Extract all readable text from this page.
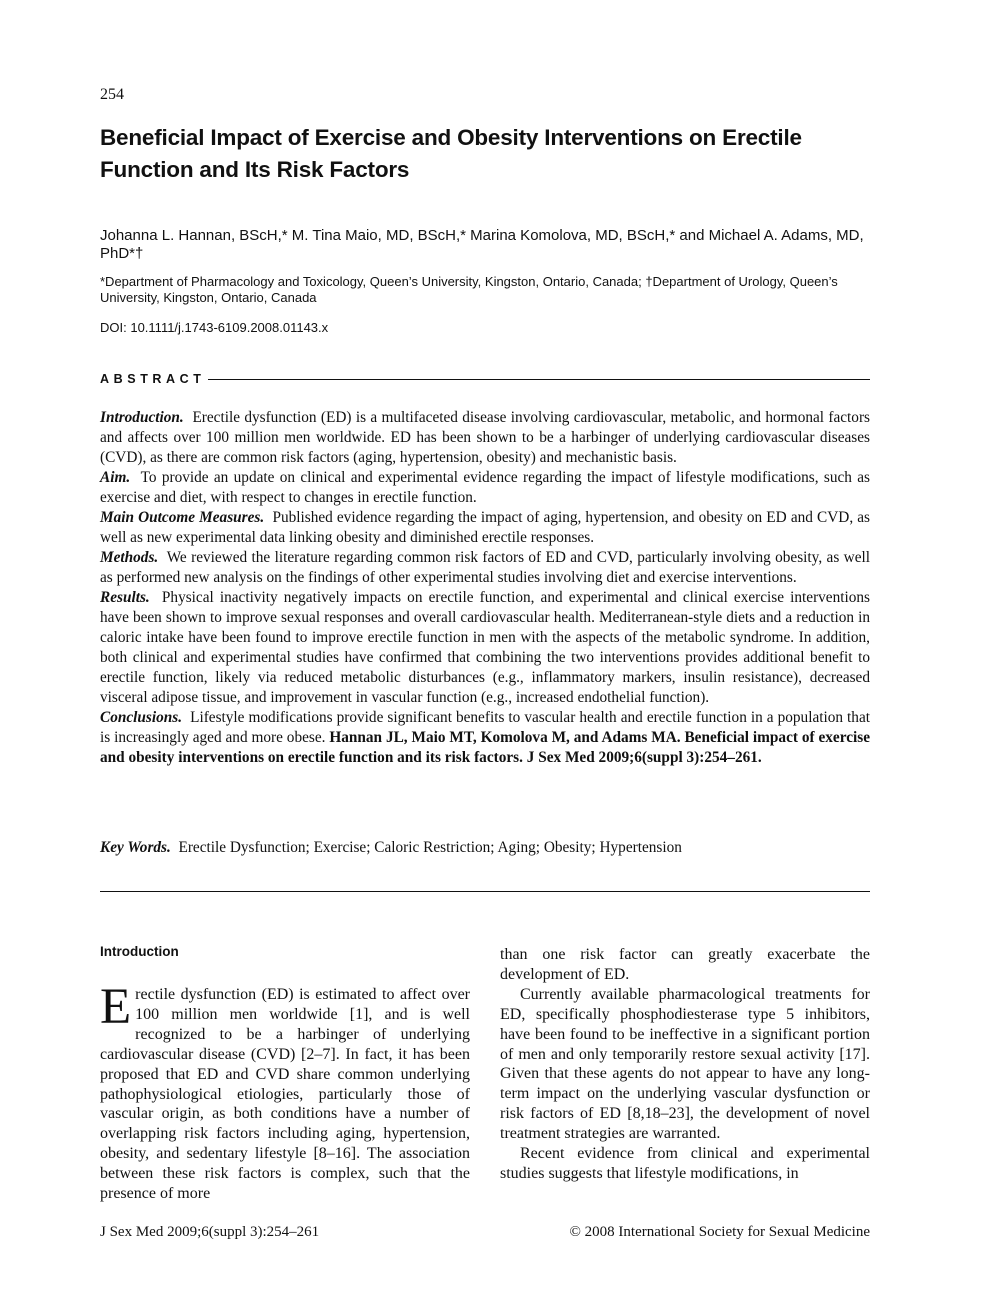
254
Beneficial Impact of Exercise and Obesity Interventions on Erectile Function and Its Risk Factors
Johanna L. Hannan, BScH,* M. Tina Maio, MD, BScH,* Marina Komolova, MD, BScH,* and Michael A. Adams, MD, PhD*†
*Department of Pharmacology and Toxicology, Queen’s University, Kingston, Ontario, Canada; †Department of Urology, Queen’s University, Kingston, Ontario, Canada
DOI: 10.1111/j.1743-6109.2008.01143.x
ABSTRACT

Introduction. Erectile dysfunction (ED) is a multifaceted disease involving cardiovascular, metabolic, and hormonal factors and affects over 100 million men worldwide. ED has been shown to be a harbinger of underlying cardiovascular diseases (CVD), as there are common risk factors (aging, hypertension, obesity) and mechanistic basis.

Aim. To provide an update on clinical and experimental evidence regarding the impact of lifestyle modifications, such as exercise and diet, with respect to changes in erectile function.

Main Outcome Measures. Published evidence regarding the impact of aging, hypertension, and obesity on ED and CVD, as well as new experimental data linking obesity and diminished erectile responses.

Methods. We reviewed the literature regarding common risk factors of ED and CVD, particularly involving obesity, as well as performed new analysis on the findings of other experimental studies involving diet and exercise interventions.

Results. Physical inactivity negatively impacts on erectile function, and experimental and clinical exercise interventions have been shown to improve sexual responses and overall cardiovascular health. Mediterranean-style diets and a reduction in caloric intake have been found to improve erectile function in men with the aspects of the metabolic syndrome. In addition, both clinical and experimental studies have confirmed that combining the two interventions provides additional benefit to erectile function, likely via reduced metabolic disturbances (e.g., inflammatory markers, insulin resistance), decreased visceral adipose tissue, and improvement in vascular function (e.g., increased endothelial function).

Conclusions. Lifestyle modifications provide significant benefits to vascular health and erectile function in a population that is increasingly aged and more obese. Hannan JL, Maio MT, Komolova M, and Adams MA. Beneficial impact of exercise and obesity interventions on erectile function and its risk factors. J Sex Med 2009;6(suppl 3):254–261.

Key Words. Erectile Dysfunction; Exercise; Caloric Restriction; Aging; Obesity; Hypertension

Introduction

Erectile dysfunction (ED) is estimated to affect over 100 million men worldwide [1], and is well recognized to be a harbinger of underlying cardiovascular disease (CVD) [2–7]. In fact, it has been proposed that ED and CVD share common underlying pathophysiological etiologies, particularly those of vascular origin, as both conditions have a number of overlapping risk factors including aging, hypertension, obesity, and sedentary lifestyle [8–16]. The association between these risk factors is complex, such that the presence of more

than one risk factor can greatly exacerbate the development of ED.

Currently available pharmacological treatments for ED, specifically phosphodiesterase type 5 inhibitors, have been found to be ineffective in a significant portion of men and only temporarily restore sexual activity [17]. Given that these agents do not appear to have any long-term impact on the underlying vascular dysfunction or risk factors of ED [8,18–23], the development of novel treatment strategies are warranted.

Recent evidence from clinical and experimental studies suggests that lifestyle modifications, in

J Sex Med 2009;6(suppl 3):254–261	© 2008 International Society for Sexual Medicine
